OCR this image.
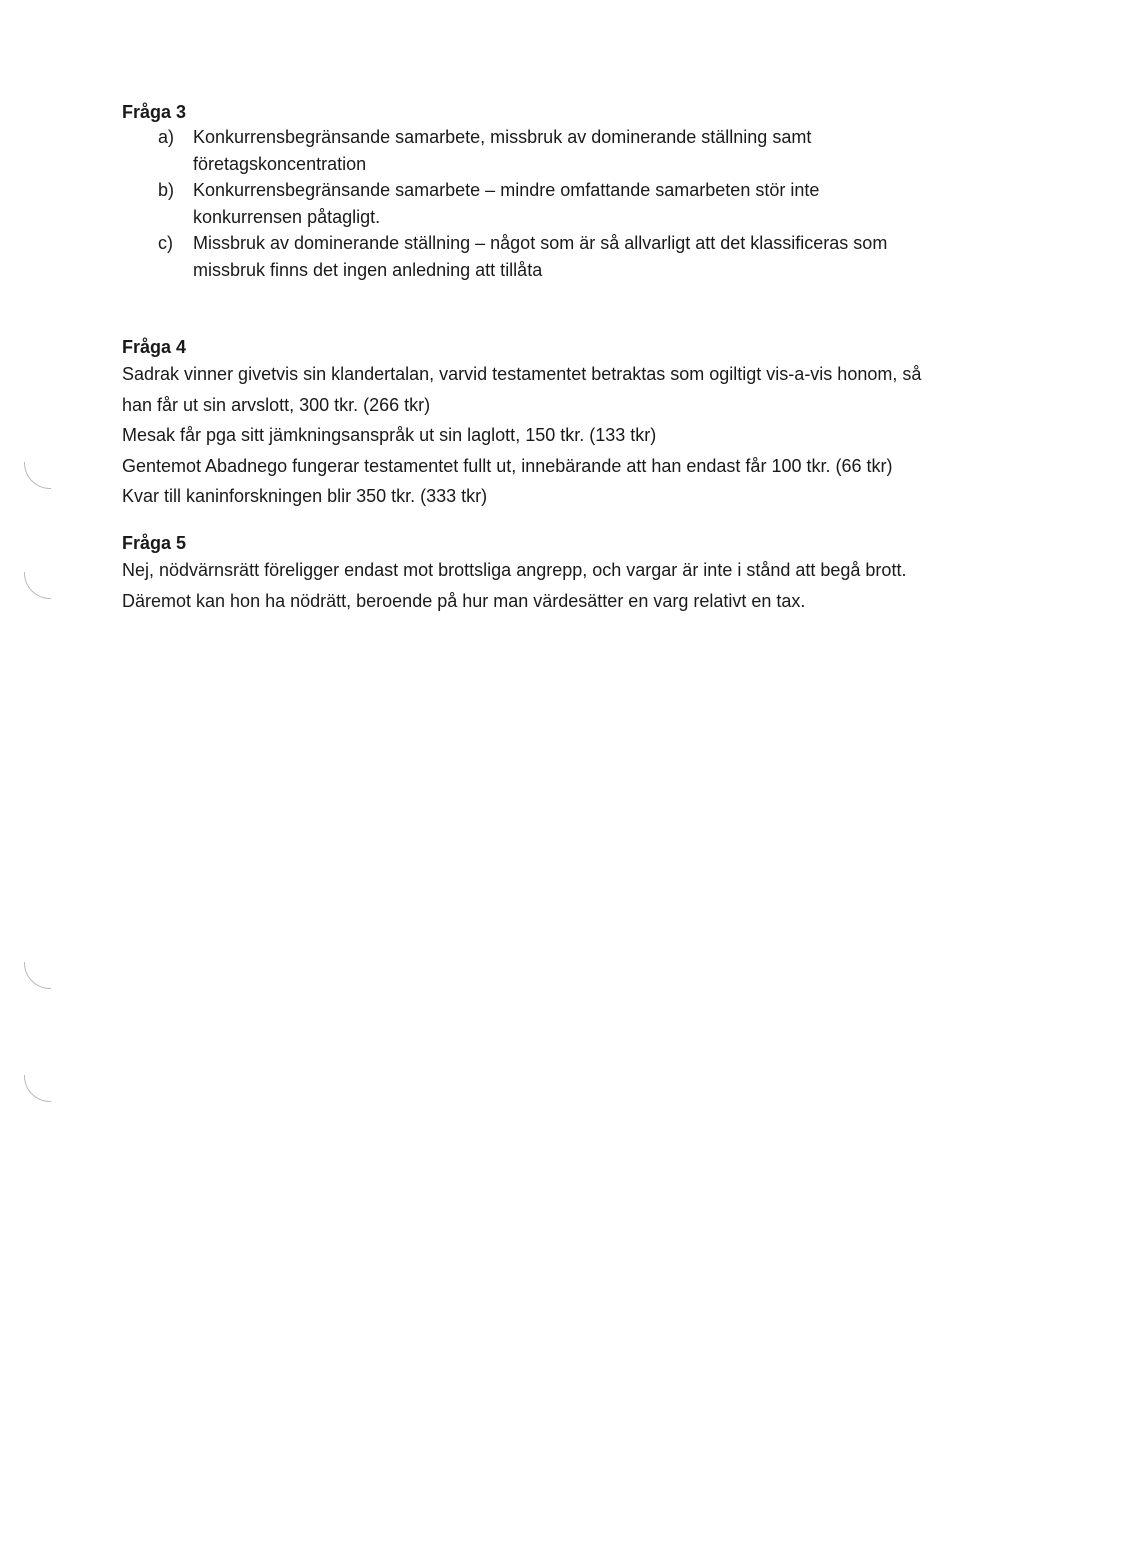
Fråga 3

a) Konkurrensbegränsande samarbete, missbruk av dominerande ställning samt
företagskoncentration
b) Konkurrensbegränsande samarbete – mindre omfattande samarbeten stör inte
konkurrensen påtagligt.
c) Missbruk av dominerande ställning – något som är så allvarligt att det klassificeras som
missbruk finns det ingen anledning att tillåta

Fråga 4

Sadrak vinner givetvis sin klandertalan, varvid testamentet betraktas som ogiltigt vis-a-vis honom, så

han får ut sin arvslott, 300 tkr. (266 tkr)

Mesak får pga sitt jämkningsanspråk ut sin laglott, 150 tkr. (133 tkr)

Gentemot Abadnego fungerar testamentet fullt ut, innebärande att han endast får 100 tkr. (66 tkr)

Kvar till kaninforskningen blir 350 tkr. (333 tkr)

Fråga 5

Nej, nödvärnsrätt föreligger endast mot brottsliga angrepp, och vargar är inte i stånd att begå brott.

Däremot kan hon ha nödrätt, beroende på hur man värdesätter en varg relativt en tax.
